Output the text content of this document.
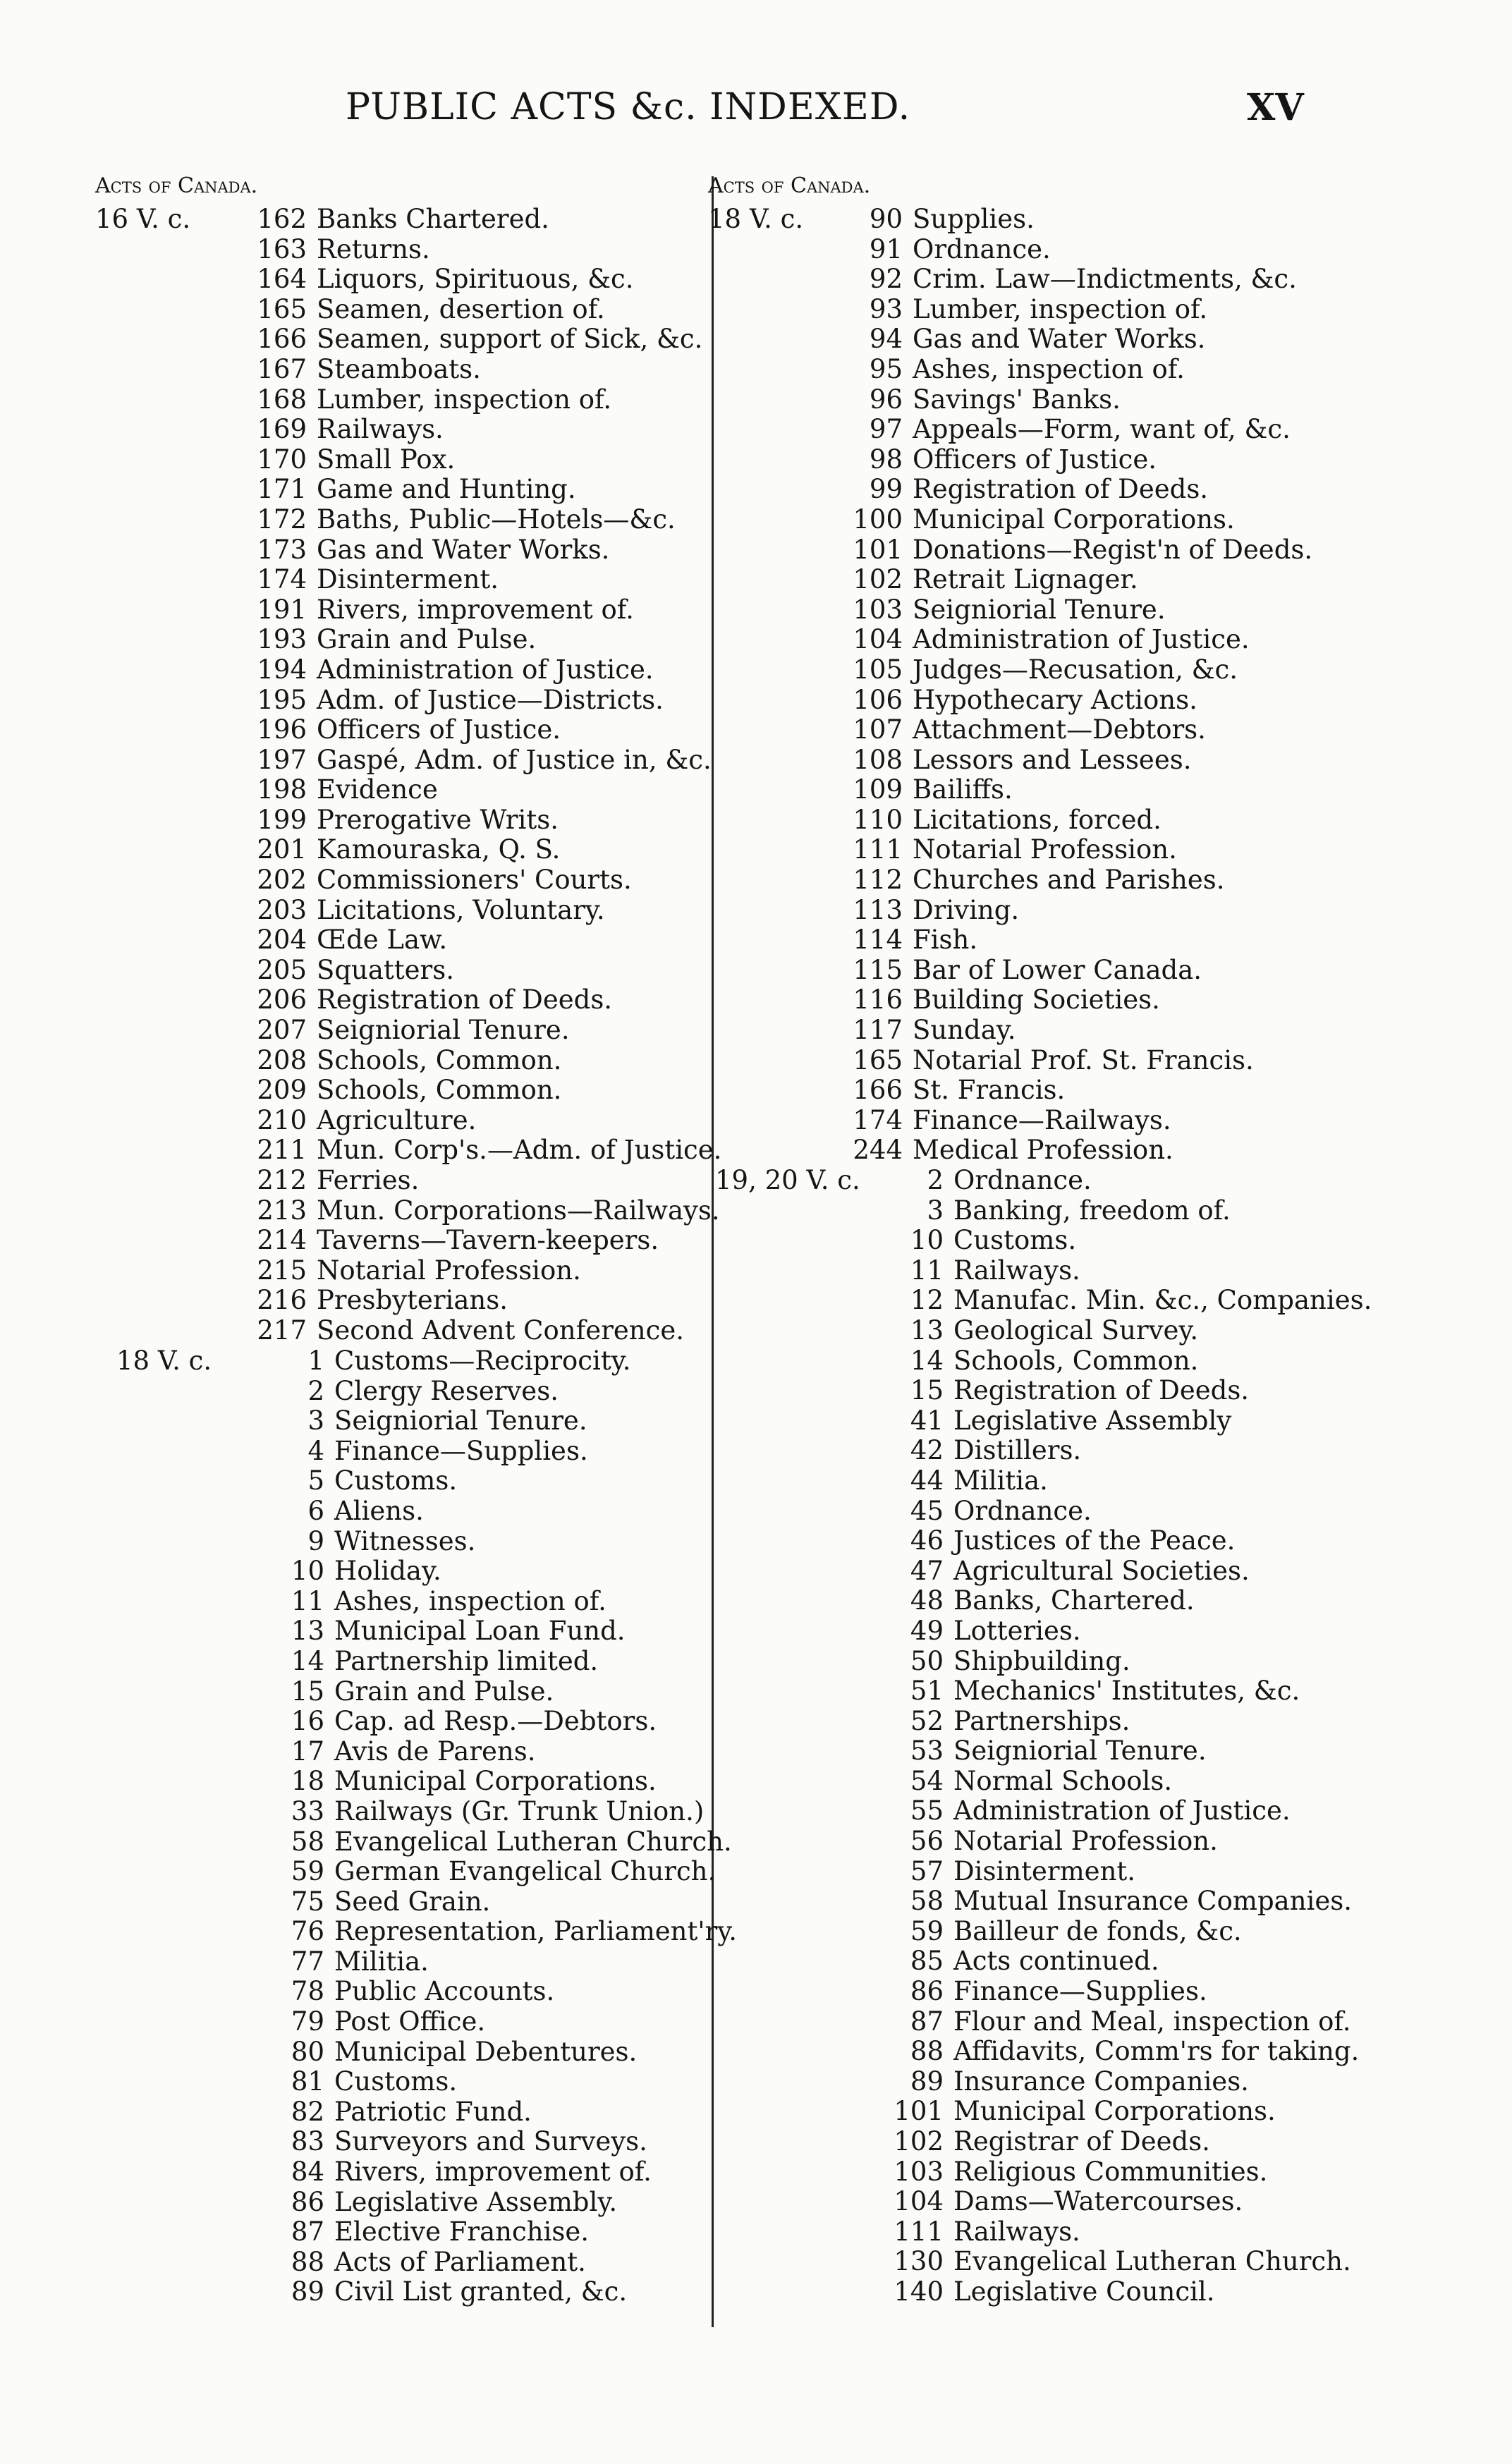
PUBLIC ACTS &c. INDEXED.	XV
Acts of Canada.
16 V. c.	162 Banks Chartered.
163 Returns.
164 Liquors, Spirituous, &c.
165 Seamen, desertion of.
166 Seamen, support of Sick, &c.
167 Steamboats.
168 Lumber, inspection of.
169 Railways.
170 Small Pox.
171 Game and Hunting.
172 Baths, Public—Hotels—&c.
173 Gas and Water Works.
174 Disinterment.
191 Rivers, improvement of.
193 Grain and Pulse.
194 Administration of Justice.
195 Adm. of Justice—Districts.
196 Officers of Justice.
197 Gaspé, Adm. of Justice in, &c.
198 Evidence
199 Prerogative Writs.
201 Kamouraska, Q. S.
202 Commissioners' Courts.
203 Licitations, Voluntary.
204 Œde Law.
205 Squatters.
206 Registration of Deeds.
207 Seigniorial Tenure.
208 Schools, Common.
209 Schools, Common.
210 Agriculture.
211 Mun. Corp's.—Adm. of Justice.
212 Ferries.
213 Mun. Corporations—Railways.
214 Taverns—Tavern-keepers.
215 Notarial Profession.
216 Presbyterians.
217 Second Advent Conference.
18 V. c.	1 Customs—Reciprocity.
2 Clergy Reserves.
3 Seigniorial Tenure.
4 Finance—Supplies.
5 Customs.
6 Aliens.
9 Witnesses.
10 Holiday.
11 Ashes, inspection of.
13 Municipal Loan Fund.
14 Partnership limited.
15 Grain and Pulse.
16 Cap. ad Resp.—Debtors.
17 Avis de Parens.
18 Municipal Corporations.
33 Railways (Gr. Trunk Union.)
58 Evangelical Lutheran Church.
59 German Evangelical Church.
75 Seed Grain.
76 Representation, Parliament'ry.
77 Militia.
78 Public Accounts.
79 Post Office.
80 Municipal Debentures.
81 Customs.
82 Patriotic Fund.
83 Surveyors and Surveys.
84 Rivers, improvement of.
86 Legislative Assembly.
87 Elective Franchise.
88 Acts of Parliament.
89 Civil List granted, &c.
Acts of Canada.
18 V. c.	90 Supplies.
91 Ordnance.
92 Crim. Law—Indictments, &c.
93 Lumber, inspection of.
94 Gas and Water Works.
95 Ashes, inspection of.
96 Savings' Banks.
97 Appeals—Form, want of, &c.
98 Officers of Justice.
99 Registration of Deeds.
100 Municipal Corporations.
101 Donations—Regist'n of Deeds.
102 Retrait Lignager.
103 Seigniorial Tenure.
104 Administration of Justice.
105 Judges—Recusation, &c.
106 Hypothecary Actions.
107 Attachment—Debtors.
108 Lessors and Lessees.
109 Bailiffs.
110 Licitations, forced.
111 Notarial Profession.
112 Churches and Parishes.
113 Driving.
114 Fish.
115 Bar of Lower Canada.
116 Building Societies.
117 Sunday.
165 Notarial Prof. St. Francis.
166 St. Francis.
174 Finance—Railways.
244 Medical Profession.
19, 20 V. c.	2 Ordnance.
3 Banking, freedom of.
10 Customs.
11 Railways.
12 Manufac. Min. &c., Companies.
13 Geological Survey.
14 Schools, Common.
15 Registration of Deeds.
41 Legislative Assembly
42 Distillers.
44 Militia.
45 Ordnance.
46 Justices of the Peace.
47 Agricultural Societies.
48 Banks, Chartered.
49 Lotteries.
50 Shipbuilding.
51 Mechanics' Institutes, &c.
52 Partnerships.
53 Seigniorial Tenure.
54 Normal Schools.
55 Administration of Justice.
56 Notarial Profession.
57 Disinterment.
58 Mutual Insurance Companies.
59 Bailleur de fonds, &c.
85 Acts continued.
86 Finance—Supplies.
87 Flour and Meal, inspection of.
88 Affidavits, Comm'rs for taking.
89 Insurance Companies.
101 Municipal Corporations.
102 Registrar of Deeds.
103 Religious Communities.
104 Dams—Watercourses.
111 Railways.
130 Evangelical Lutheran Church.
140 Legislative Council.
